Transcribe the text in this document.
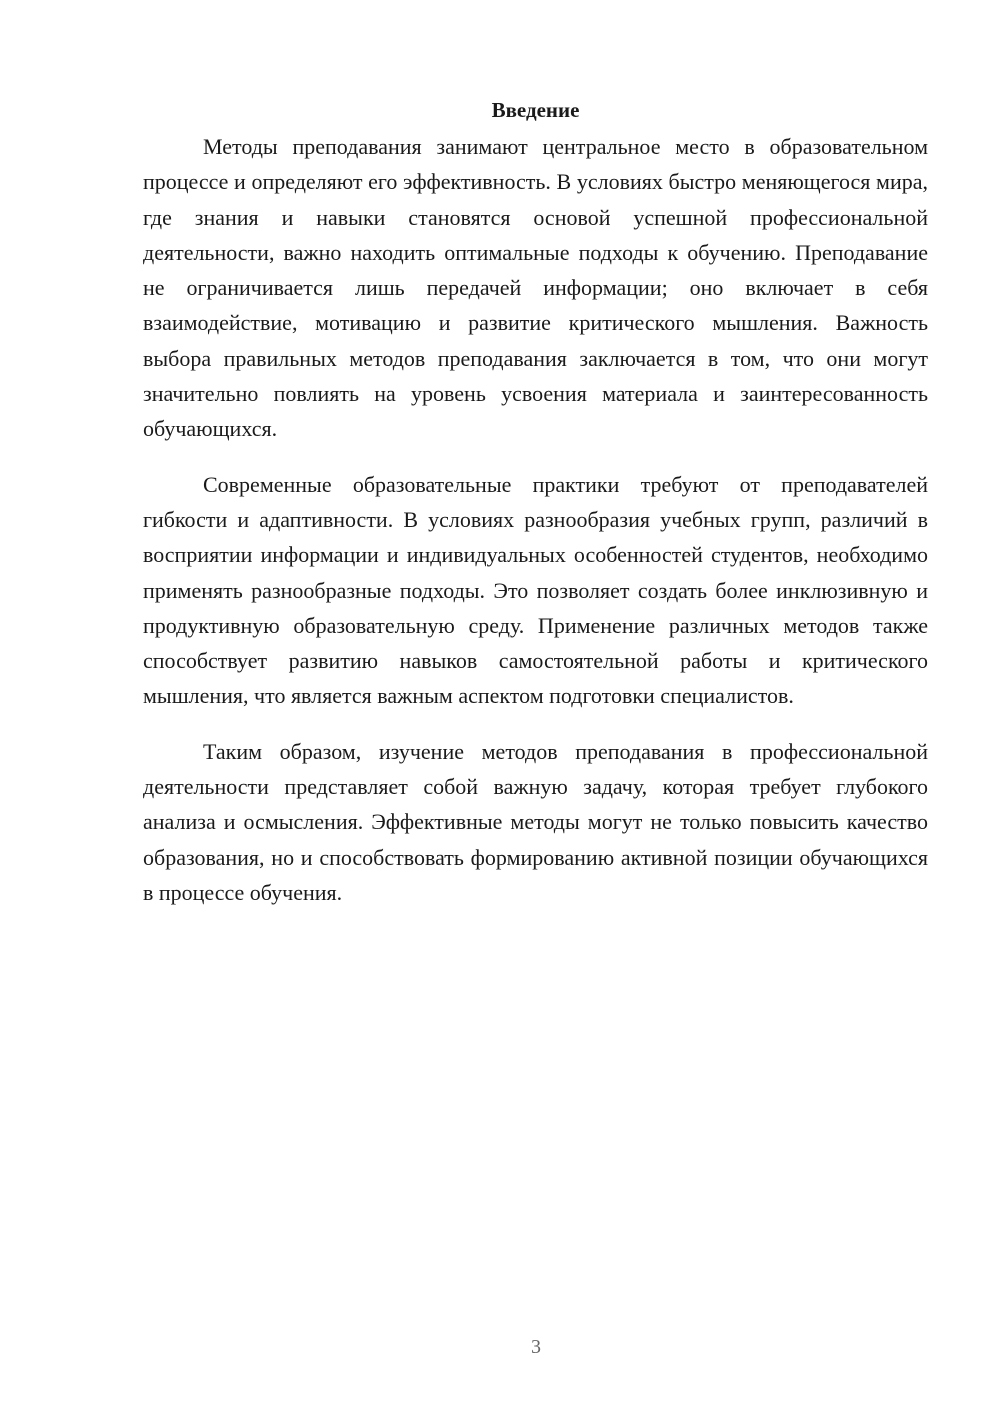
Введение

Методы преподавания занимают центральное место в образовательном процессе и определяют его эффективность. В условиях быстро меняющегося мира, где знания и навыки становятся основой успешной профессиональной деятельности, важно находить оптимальные подходы к обучению. Преподавание не ограничивается лишь передачей информации; оно включает в себя взаимодействие, мотивацию и развитие критического мышления. Важность выбора правильных методов преподавания заключается в том, что они могут значительно повлиять на уровень усвоения материала и заинтересованность обучающихся.

Современные образовательные практики требуют от преподавателей гибкости и адаптивности. В условиях разнообразия учебных групп, различий в восприятии информации и индивидуальных особенностей студентов, необходимо применять разнообразные подходы. Это позволяет создать более инклюзивную и продуктивную образовательную среду. Применение различных методов также способствует развитию навыков самостоятельной работы и критического мышления, что является важным аспектом подготовки специалистов.

Таким образом, изучение методов преподавания в профессиональной деятельности представляет собой важную задачу, которая требует глубокого анализа и осмысления. Эффективные методы могут не только повысить качество образования, но и способствовать формированию активной позиции обучающихся в процессе обучения.

3
